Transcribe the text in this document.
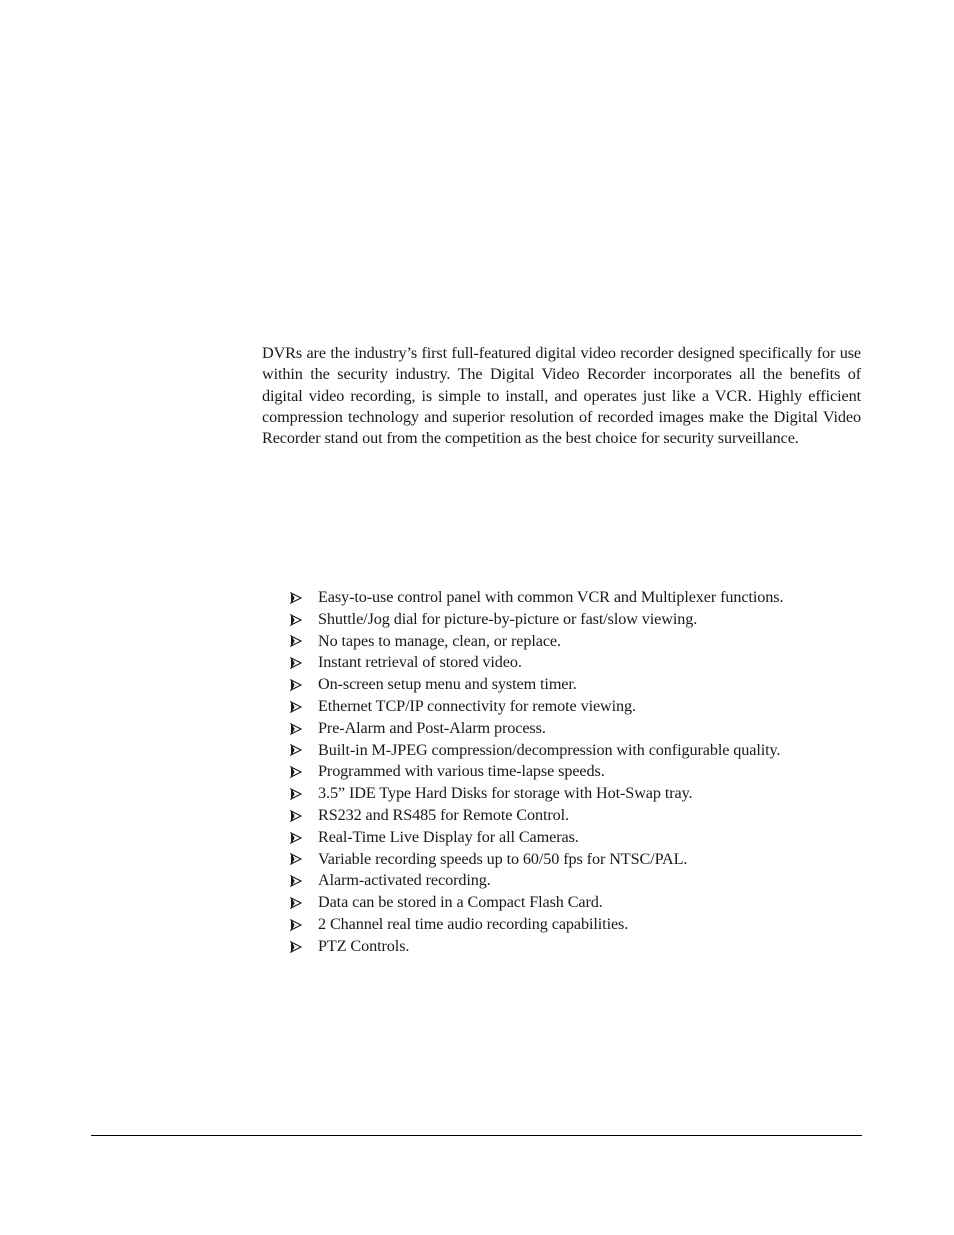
DVRs are the industry’s first full-featured digital video recorder designed specifically for use within the security industry. The Digital Video Recorder incorporates all the benefits of digital video recording, is simple to install, and operates just like a VCR. Highly efficient compression technology and superior resolution of recorded images make the Digital Video Recorder stand out from the competition as the best choice for security surveillance.

Easy-to-use control panel with common VCR and Multiplexer functions.
Shuttle/Jog dial for picture-by-picture or fast/slow viewing.
No tapes to manage, clean, or replace.
Instant retrieval of stored video.
On-screen setup menu and system timer.
Ethernet TCP/IP connectivity for remote viewing.
Pre-Alarm and Post-Alarm process.
Built-in M-JPEG compression/decompression with configurable quality.
Programmed with various time-lapse speeds.
3.5” IDE Type Hard Disks for storage with Hot-Swap tray.
RS232 and RS485 for Remote Control.
Real-Time Live Display for all Cameras.
Variable recording speeds up to 60/50 fps for NTSC/PAL.
Alarm-activated recording.
Data can be stored in a Compact Flash Card.
2 Channel real time audio recording capabilities.
PTZ Controls.
